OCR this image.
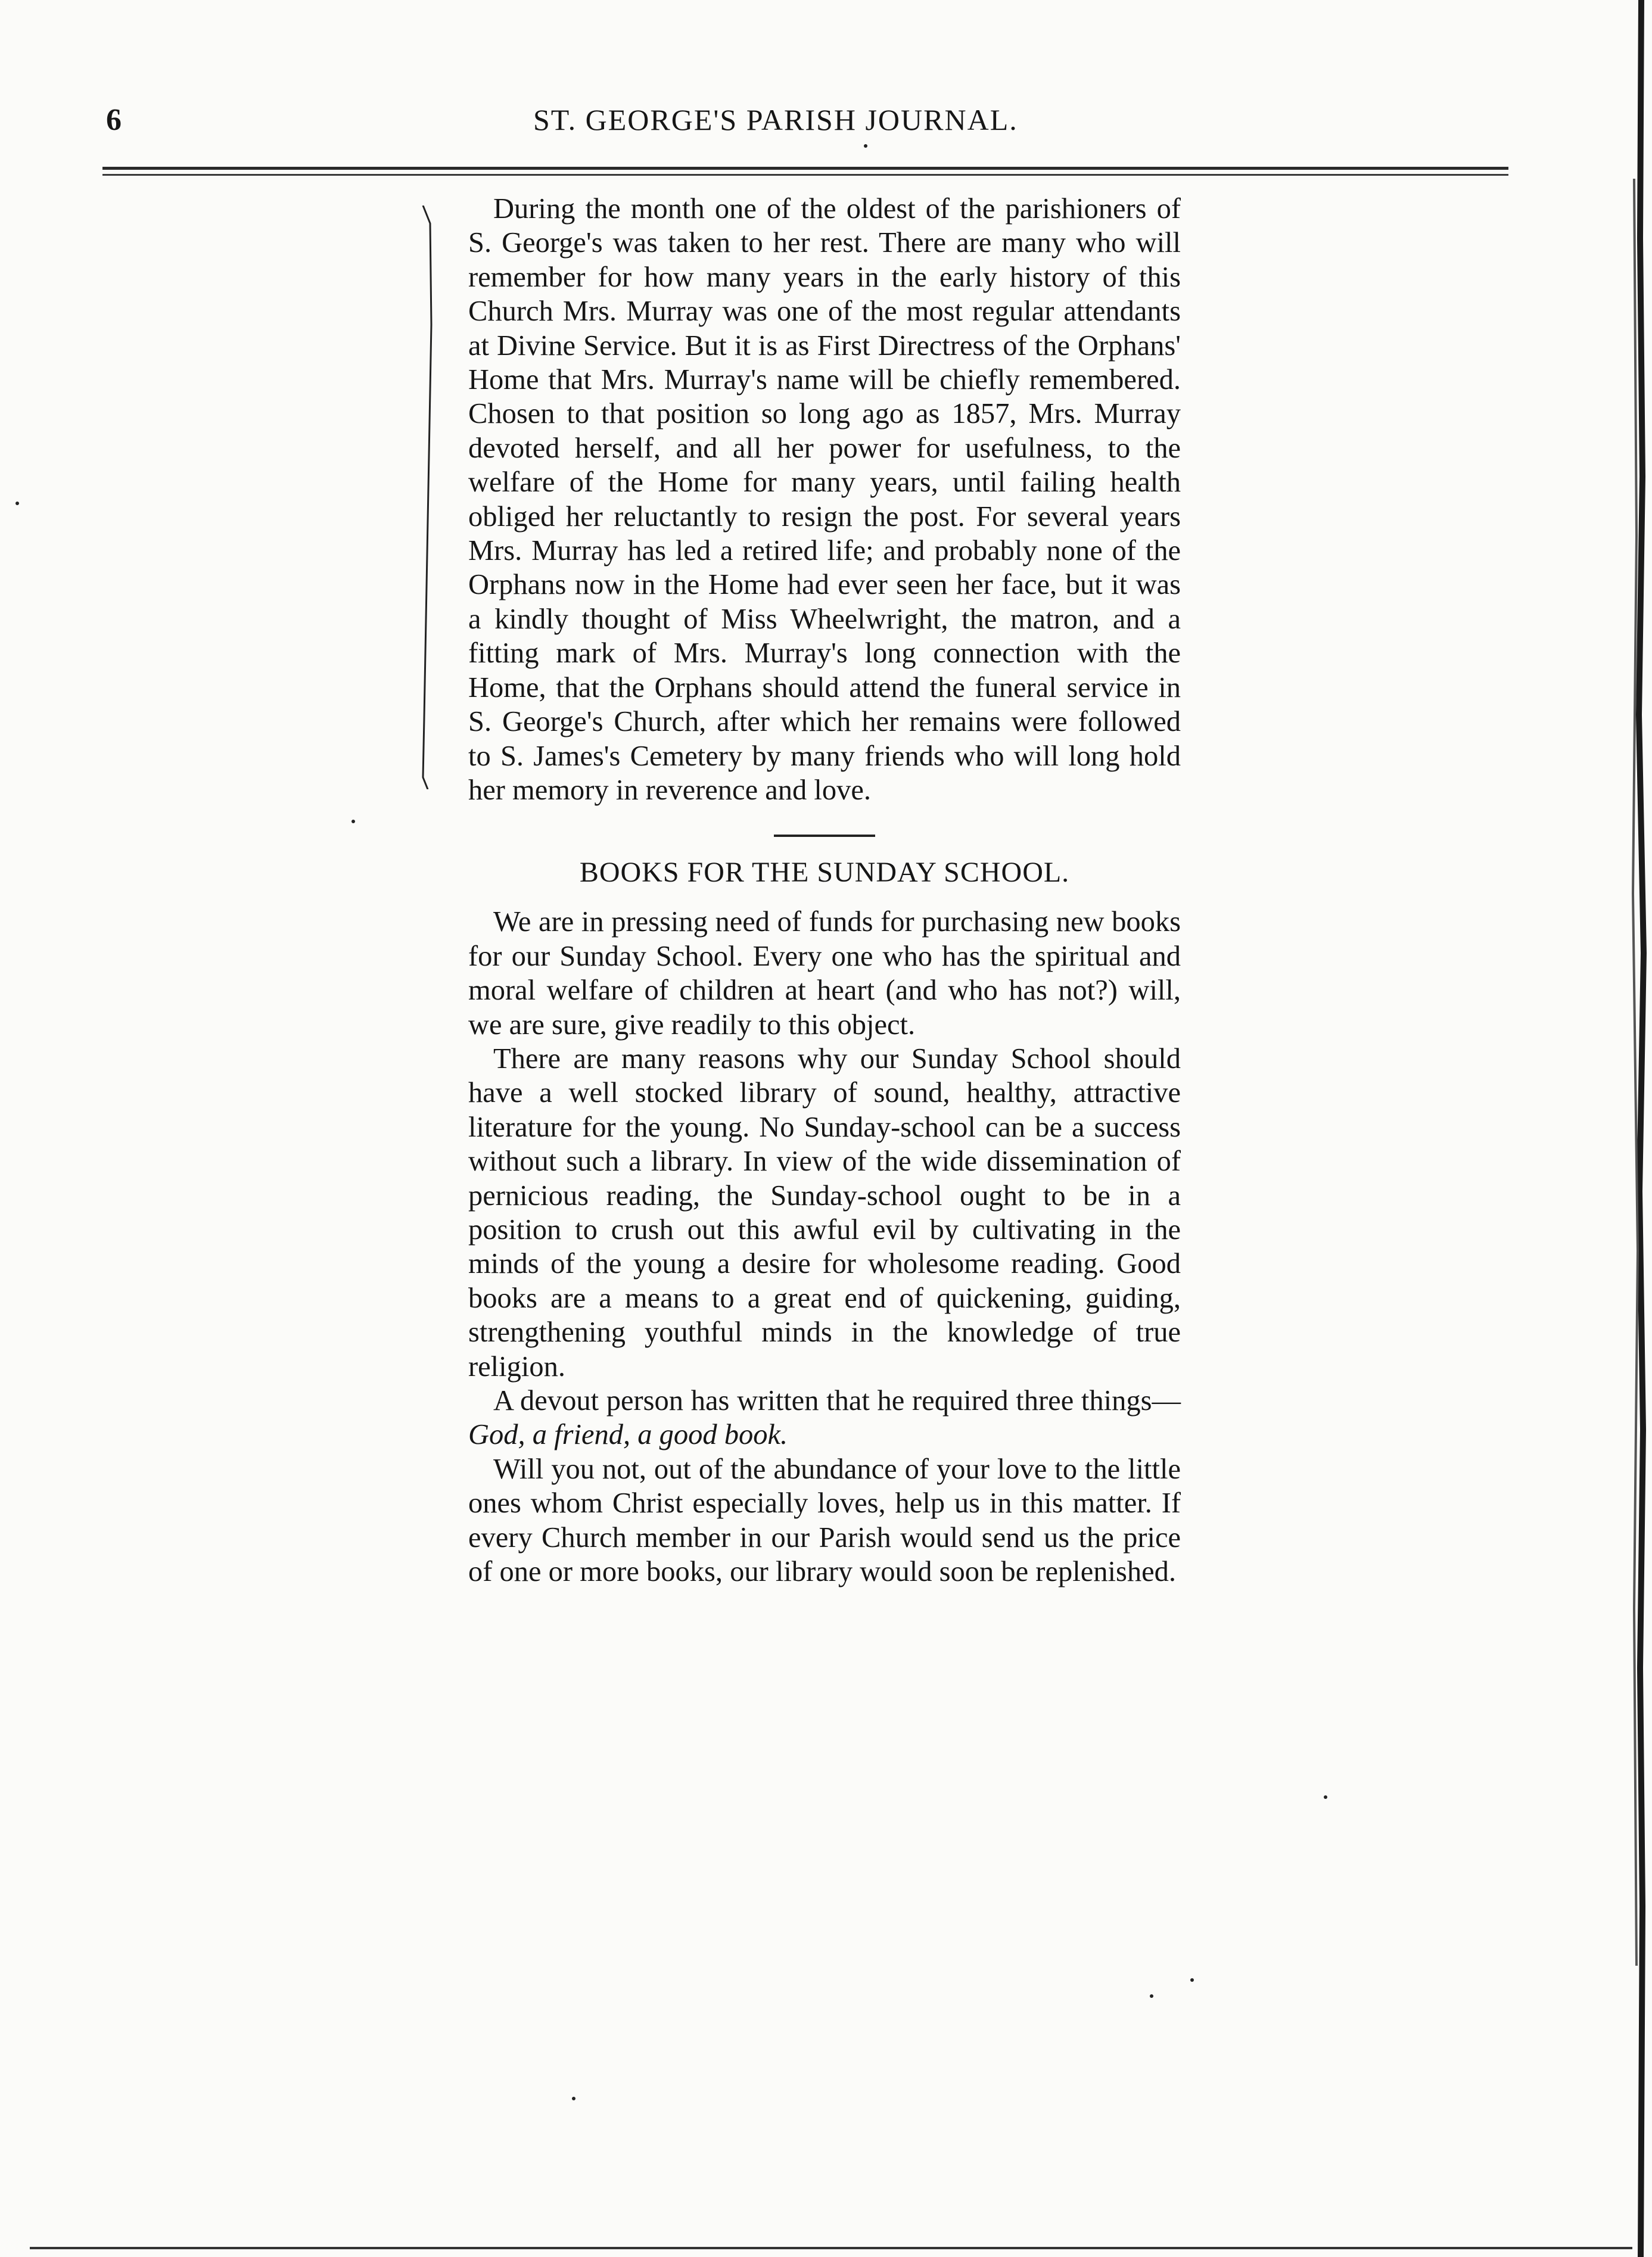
6	ST. GEORGE'S PARISH JOURNAL.

During the month one of the oldest of the parishioners of S. George's was taken to her rest. There are many who will remember for how many years in the early history of this Church Mrs. Murray was one of the most regular attendants at Divine Service. But it is as First Directress of the Orphans' Home that Mrs. Murray's name will be chiefly remembered. Chosen to that position so long ago as 1857, Mrs. Murray devoted herself, and all her power for usefulness, to the welfare of the Home for many years, until failing health obliged her reluctantly to resign the post. For several years Mrs. Murray has led a retired life; and probably none of the Orphans now in the Home had ever seen her face, but it was a kindly thought of Miss Wheelwright, the matron, and a fitting mark of Mrs. Murray's long connection with the Home, that the Orphans should attend the funeral service in S. George's Church, after which her remains were followed to S. James's Cemetery by many friends who will long hold her memory in reverence and love.

BOOKS FOR THE SUNDAY SCHOOL.

We are in pressing need of funds for purchasing new books for our Sunday School. Every one who has the spiritual and moral welfare of children at heart (and who has not?) will, we are sure, give readily to this object.

There are many reasons why our Sunday School should have a well stocked library of sound, healthy, attractive literature for the young. No Sunday-school can be a success without such a library. In view of the wide dissemination of pernicious reading, the Sunday-school ought to be in a position to crush out this awful evil by cultivating in the minds of the young a desire for wholesome reading. Good books are a means to a great end of quickening, guiding, strengthening youthful minds in the knowledge of true religion.

A devout person has written that he required three things—God, a friend, a good book.

Will you not, out of the abundance of your love to the little ones whom Christ especially loves, help us in this matter. If every Church member in our Parish would send us the price of one or more books, our library would soon be replenished.
